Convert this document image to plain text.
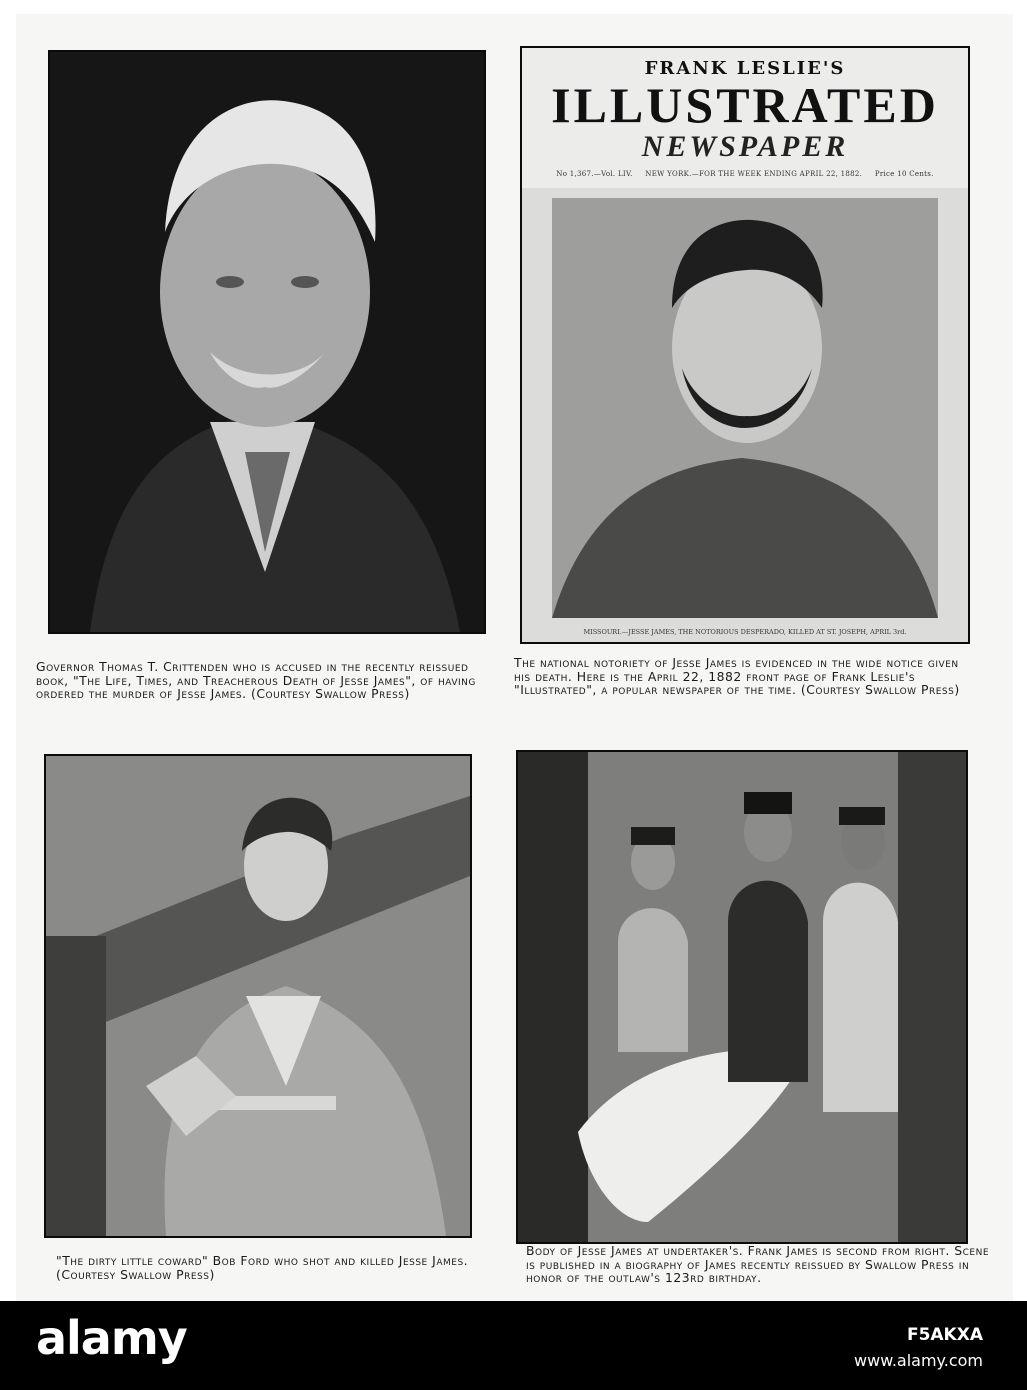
FRANK LESLIE'S
ILLUSTRATED
NEWSPAPER
No 1,367.—Vol. LIV. NEW YORK.—FOR THE WEEK ENDING APRIL 22, 1882. Price 10 Cents.
MISSOURI.—JESSE JAMES, THE NOTORIOUS DESPERADO, KILLED AT ST. JOSEPH, APRIL 3rd.
Governor Thomas T. Crittenden who is accused in the recently reissued book, "The Life, Times, and Treacherous Death of Jesse James", of having ordered the murder of Jesse James. (Courtesy Swallow Press)
The national notoriety of Jesse James is evidenced in the wide notice given his death. Here is the April 22, 1882 front page of Frank Leslie's "Illustrated", a popular newspaper of the time. (Courtesy Swallow Press)
"The dirty little coward" Bob Ford who shot and killed Jesse James. (Courtesy Swallow Press)
Body of Jesse James at undertaker's. Frank James is second from right. Scene is published in a biography of James recently reissued by Swallow Press in honor of the outlaw's 123rd birthday.
alamy	F5AKXA
www.alamy.com
